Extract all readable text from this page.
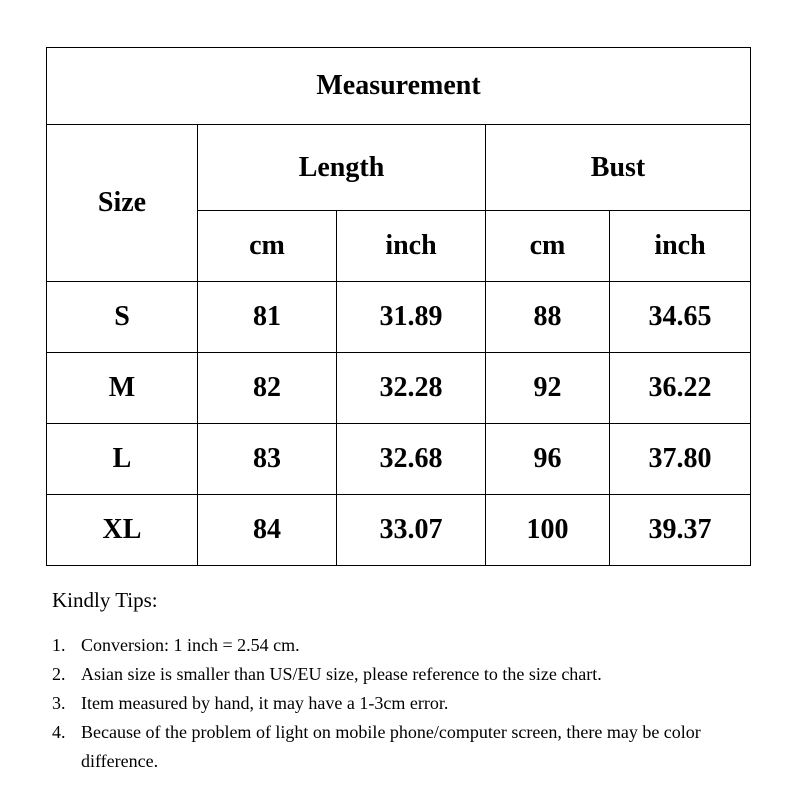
Measurement				
Size	Length		Bust	
	cm	inch	cm	inch
S	81	31.89	88	34.65
M	82	32.28	92	36.22
L	83	32.68	96	37.80
XL	84	33.07	100	39.37
Kindly Tips:
1. Conversion: 1 inch = 2.54 cm.
2. Asian size is smaller than US/EU size, please reference to the size chart.
3. Item measured by hand, it may have a 1-3cm error.
4. Because of the problem of light on mobile phone/computer screen, there may be color difference.
